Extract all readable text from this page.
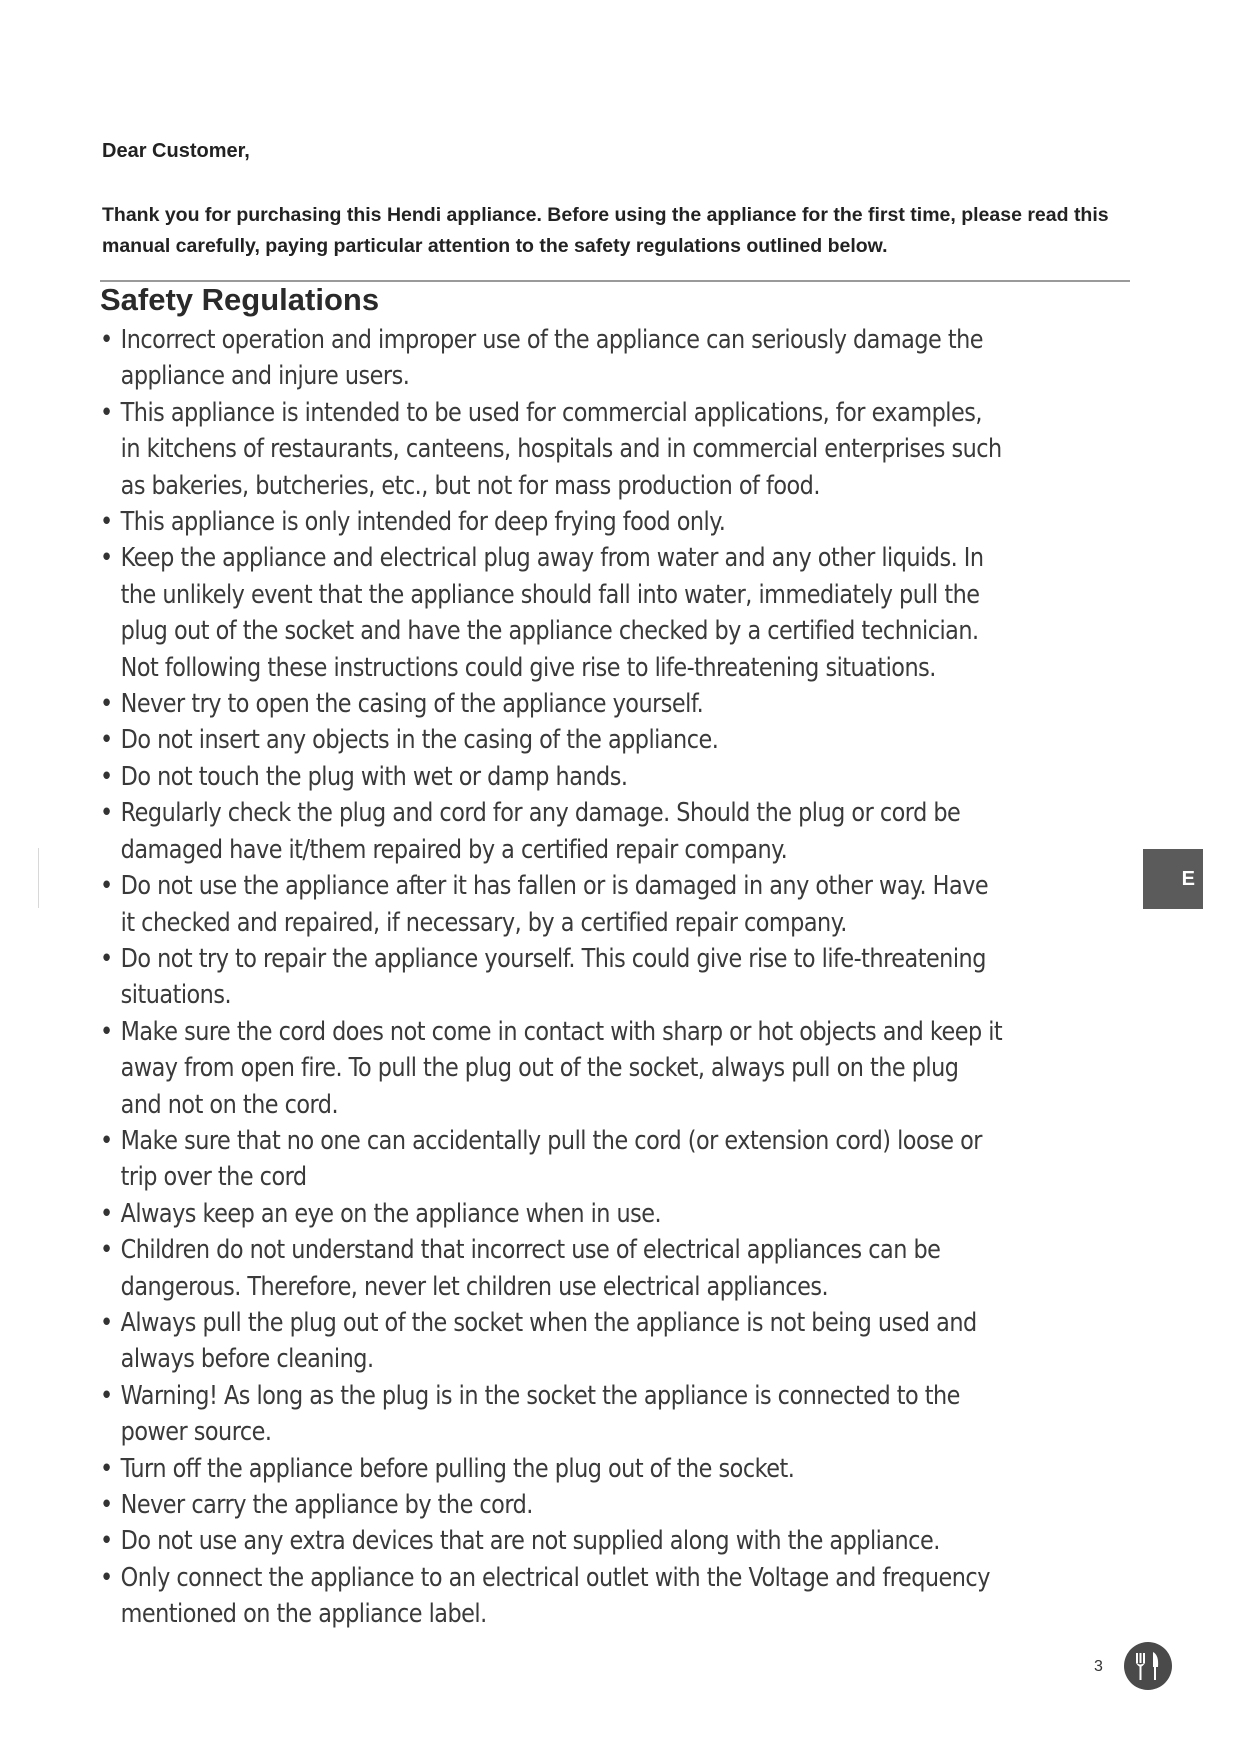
Dear Customer,
Thank you for purchasing this Hendi appliance. Before using the appliance for the first time, please read this manual carefully, paying particular attention to the safety regulations outlined below.
Safety Regulations
• Incorrect operation and improper use of the appliance can seriously damage the appliance and injure users.
• This appliance is intended to be used for commercial applications, for examples, in kitchens of restaurants, canteens, hospitals and in commercial enterprises such as bakeries, butcheries, etc., but not for mass production of food.
• This appliance is only intended for deep frying food only.
• Keep the appliance and electrical plug away from water and any other liquids. In the unlikely event that the appliance should fall into water, immediately pull the plug out of the socket and have the appliance checked by a certified technician. Not following these instructions could give rise to life-threatening situations.
• Never try to open the casing of the appliance yourself.
• Do not insert any objects in the casing of the appliance.
• Do not touch the plug with wet or damp hands.
• Regularly check the plug and cord for any damage. Should the plug or cord be damaged have it/them repaired by a certified repair company.
• Do not use the appliance after it has fallen or is damaged in any other way. Have it checked and repaired, if necessary, by a certified repair company.
• Do not try to repair the appliance yourself. This could give rise to life-threatening situations.
• Make sure the cord does not come in contact with sharp or hot objects and keep it away from open fire. To pull the plug out of the socket, always pull on the plug and not on the cord.
• Make sure that no one can accidentally pull the cord (or extension cord) loose or trip over the cord
• Always keep an eye on the appliance when in use.
• Children do not understand that incorrect use of electrical appliances can be dangerous. Therefore, never let children use electrical appliances.
• Always pull the plug out of the socket when the appliance is not being used and always before cleaning.
• Warning! As long as the plug is in the socket the appliance is connected to the power source.
• Turn off the appliance before pulling the plug out of the socket.
• Never carry the appliance by the cord.
• Do not use any extra devices that are not supplied along with the appliance.
• Only connect the appliance to an electrical outlet with the Voltage and frequency mentioned on the appliance label.
E
3
